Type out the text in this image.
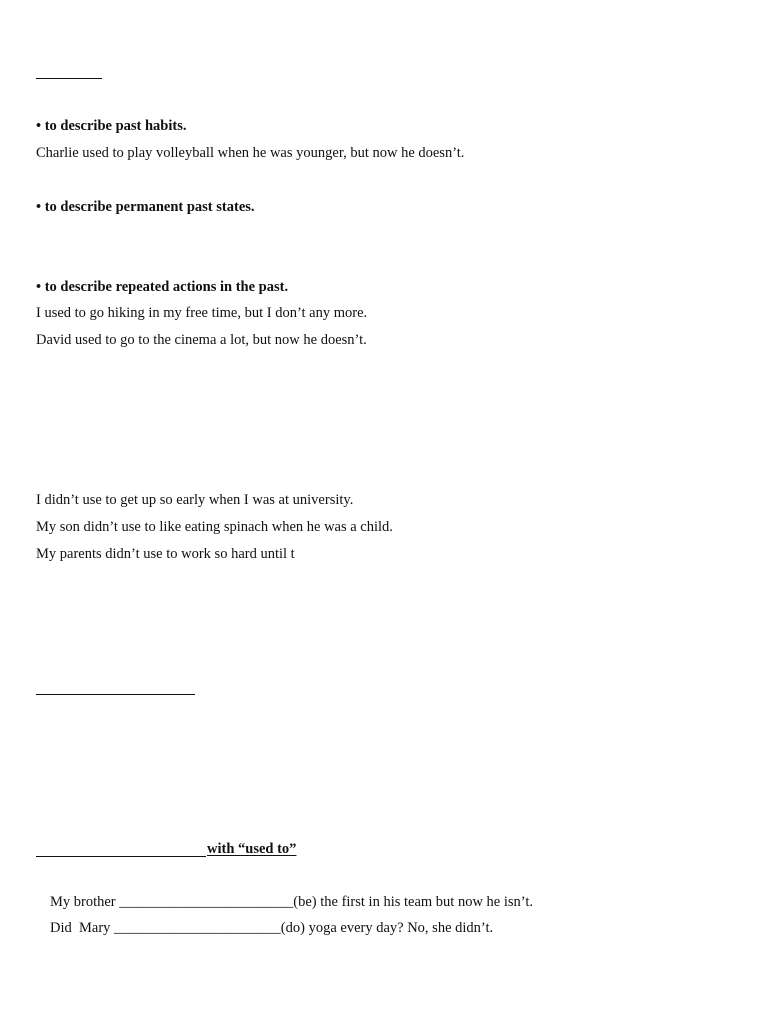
• to describe past habits.
Charlie used to play volleyball when he was younger, but now he doesn’t.
• to describe permanent past states.
• to describe repeated actions in the past.
I used to go hiking in my free time, but I don’t any more.
David used to go to the cinema a lot, but now he doesn’t.
I didn’t use to get up so early when I was at university.
My son didn’t use to like eating spinach when he was a child.
My parents didn’t use to work so hard until t
with “used to”
My brother ________________________(be) the first in his team but now he isn’t.
Did  Mary _______________________(do) yoga every day? No, she didn’t.
